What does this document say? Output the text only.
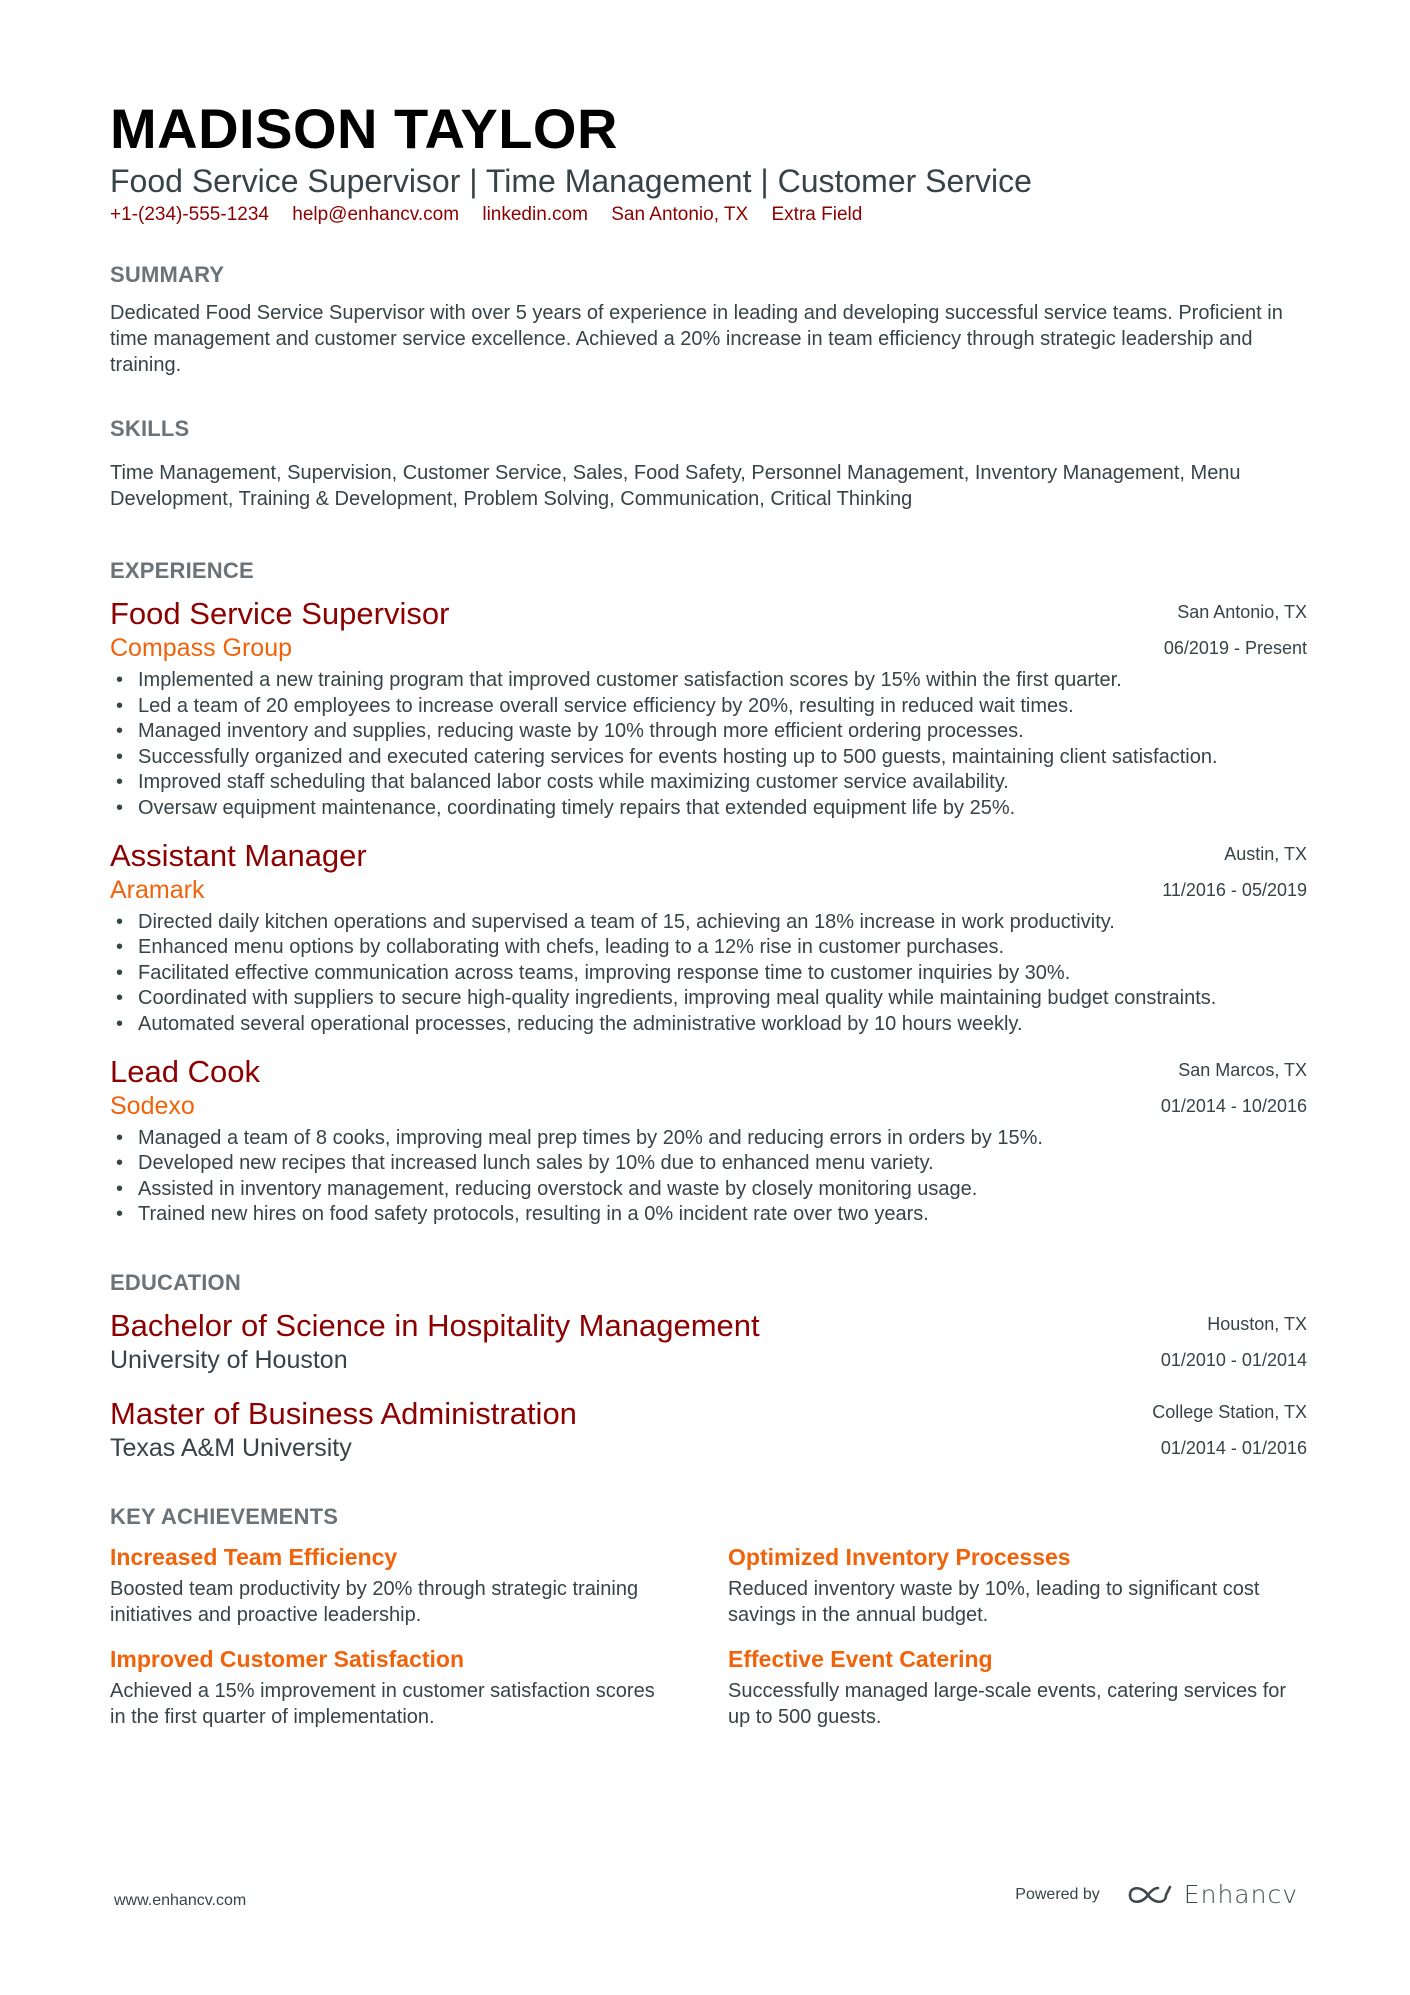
MADISON TAYLOR
Food Service Supervisor | Time Management | Customer Service
+1-(234)-555-1234 help@enhancv.com linkedin.com San Antonio, TX Extra Field
SUMMARY
Dedicated Food Service Supervisor with over 5 years of experience in leading and developing successful service teams. Proficient in time management and customer service excellence. Achieved a 20% increase in team efficiency through strategic leadership and training.
SKILLS
Time Management, Supervision, Customer Service, Sales, Food Safety, Personnel Management, Inventory Management, Menu Development, Training & Development, Problem Solving, Communication, Critical Thinking
EXPERIENCE
Food Service Supervisor
Compass Group
San Antonio, TX
06/2019 - Present
• Implemented a new training program that improved customer satisfaction scores by 15% within the first quarter.
• Led a team of 20 employees to increase overall service efficiency by 20%, resulting in reduced wait times.
• Managed inventory and supplies, reducing waste by 10% through more efficient ordering processes.
• Successfully organized and executed catering services for events hosting up to 500 guests, maintaining client satisfaction.
• Improved staff scheduling that balanced labor costs while maximizing customer service availability.
• Oversaw equipment maintenance, coordinating timely repairs that extended equipment life by 25%.
Assistant Manager
Aramark
Austin, TX
11/2016 - 05/2019
• Directed daily kitchen operations and supervised a team of 15, achieving an 18% increase in work productivity.
• Enhanced menu options by collaborating with chefs, leading to a 12% rise in customer purchases.
• Facilitated effective communication across teams, improving response time to customer inquiries by 30%.
• Coordinated with suppliers to secure high-quality ingredients, improving meal quality while maintaining budget constraints.
• Automated several operational processes, reducing the administrative workload by 10 hours weekly.
Lead Cook
Sodexo
San Marcos, TX
01/2014 - 10/2016
• Managed a team of 8 cooks, improving meal prep times by 20% and reducing errors in orders by 15%.
• Developed new recipes that increased lunch sales by 10% due to enhanced menu variety.
• Assisted in inventory management, reducing overstock and waste by closely monitoring usage.
• Trained new hires on food safety protocols, resulting in a 0% incident rate over two years.
EDUCATION
Bachelor of Science in Hospitality Management
University of Houston
Houston, TX
01/2010 - 01/2014
Master of Business Administration
Texas A&M University
College Station, TX
01/2014 - 01/2016
KEY ACHIEVEMENTS
Increased Team Efficiency
Boosted team productivity by 20% through strategic training initiatives and proactive leadership.
Optimized Inventory Processes
Reduced inventory waste by 10%, leading to significant cost savings in the annual budget.
Improved Customer Satisfaction
Achieved a 15% improvement in customer satisfaction scores in the first quarter of implementation.
Effective Event Catering
Successfully managed large-scale events, catering services for up to 500 guests.
www.enhancv.com	Powered by	Enhancv
